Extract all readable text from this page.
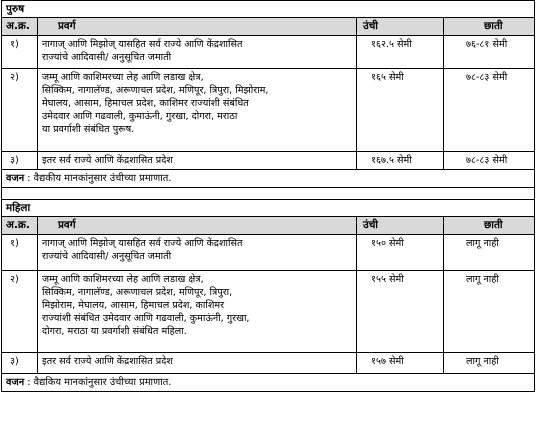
पुरुष			
अ.क्र.	प्रवर्ग	उंची	छाती
१)	नागाज् आणि मिझोज् यासहित सर्व राज्ये आणि केंद्रशासित
राज्यांचे आदिवासी/ अनुसूचित जमाती	१६२.५ सेमी	७६-८१ सेमी
२)	जम्मू आणि काशिमरच्या लेह आणि लडाख क्षेत्र,
सिक्किम, नागालॅण्ड, अरूणाचल प्रदेश, मणिपूर, त्रिपुरा, मिझोराम,
मेघालय, आसाम, हिमाचल प्रदेश, काशिमर राज्यांशी संबंधित
उमेदवार आणि गढवाली, कुमाऊंनी, गुरखा, दोगरा, मराठा
या प्रवर्गाशी संबंधित पुरूष.	१६५ सेमी	७८-८३ सेमी
३)	इतर सर्व राज्ये आणि केंद्रशासित प्रदेश	१६७.५ सेमी	७८-८३ सेमी
वजन : वैद्यकीय मानकांनुसार उंचीच्या प्रमाणात.			

महिला			
अ.क्र.	प्रवर्ग	उंची	छाती
१)	नागाज् आणि मिझोज् यासहित सर्व राज्ये आणि केंद्रशासित
राज्यांचे आदिवासी/ अनुसूचित जमाती	१५० सेमी	लागू नाही
२)	जम्मू आणि काशिमरच्या लेह आणि लडाख क्षेत्र,
सिक्किम, नागालॅण्ड, अरूणाचल प्रदेश, मणिपूर, त्रिपुरा,
मिझोराम, मेघालय, आसाम, हिमाचल प्रदेश, काशिमर
राज्यांशी संबंधित उमेदवार आणि गढवाली, कुमाऊंनी, गुरखा,
दोगरा, मराठा या प्रवर्गाशी संबंधित महिला.	१५५ सेमी	लागू नाही
३)	इतर सर्व राज्ये आणि केंद्रशासित प्रदेश	१५७ सेमी	लागू नाही
वजन : वैद्यकिय मानकांनुसार उंचीच्या प्रमाणात.			
